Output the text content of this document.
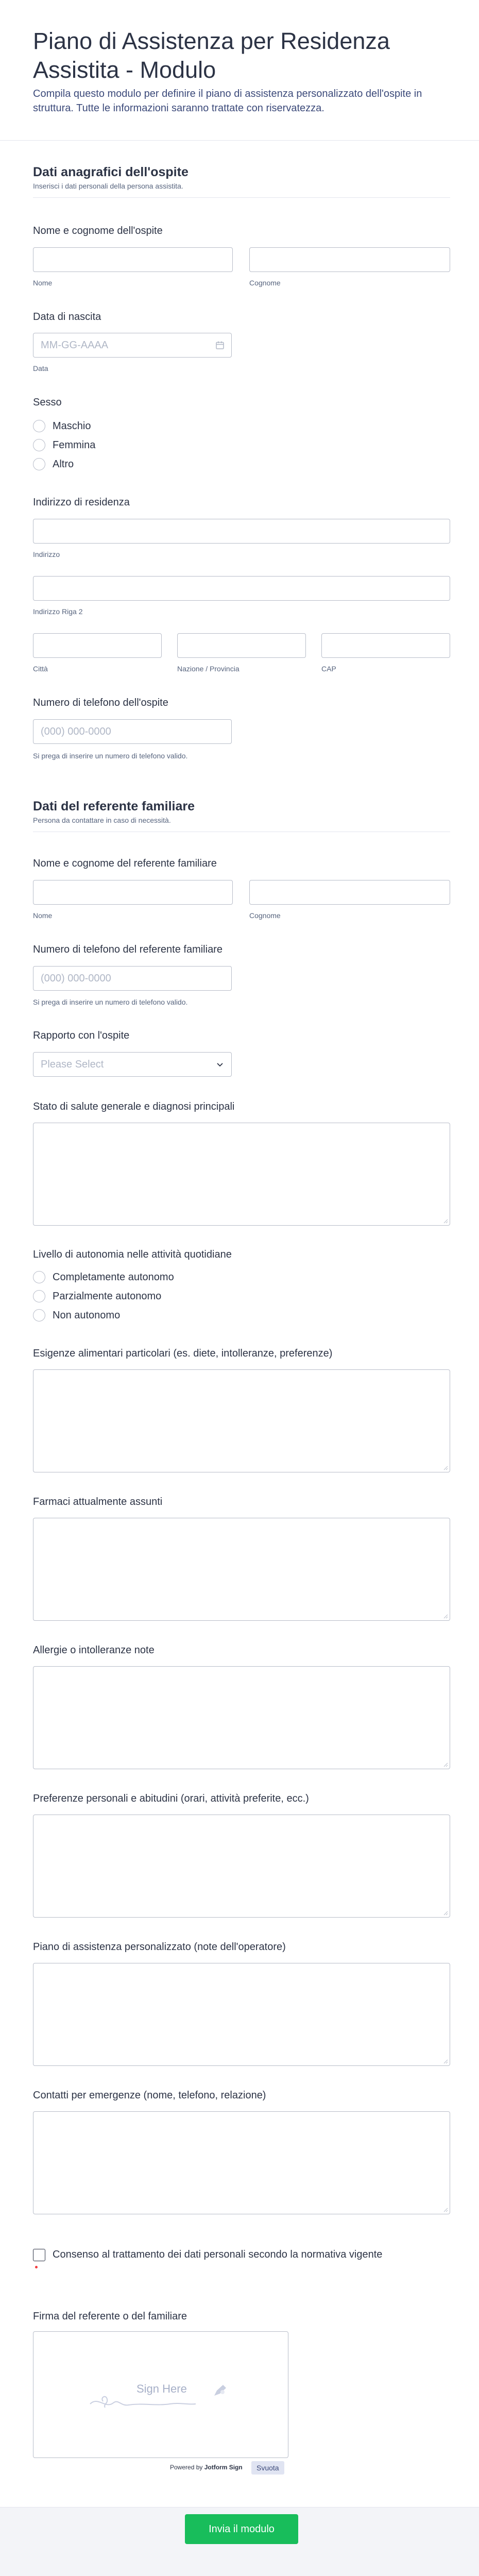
Piano di Assistenza per Residenza Assistita - Modulo
Compila questo modulo per definire il piano di assistenza personalizzato dell'ospite in struttura. Tutte le informazioni saranno trattate con riservatezza.
Dati anagrafici dell'ospite
Inserisci i dati personali della persona assistita.
Nome e cognome dell'ospite
Nome	Cognome
Data di nascita
MM-GG-AAAA
Data
Sesso
Maschio
Femmina
Altro
Indirizzo di residenza
Indirizzo
Indirizzo Riga 2
Città	Nazione / Provincia	CAP
Numero di telefono dell'ospite
(000) 000-0000
Si prega di inserire un numero di telefono valido.
Dati del referente familiare
Persona da contattare in caso di necessità.
Nome e cognome del referente familiare
Nome	Cognome
Numero di telefono del referente familiare
(000) 000-0000
Si prega di inserire un numero di telefono valido.
Rapporto con l'ospite
Please Select
Stato di salute generale e diagnosi principali
Livello di autonomia nelle attività quotidiane
Completamente autonomo
Parzialmente autonomo
Non autonomo
Esigenze alimentari particolari (es. diete, intolleranze, preferenze)
Farmaci attualmente assunti
Allergie o intolleranze note
Preferenze personali e abitudini (orari, attività preferite, ecc.)
Piano di assistenza personalizzato (note dell'operatore)
Contatti per emergenze (nome, telefono, relazione)
Consenso al trattamento dei dati personali secondo la normativa vigente
Firma del referente o del familiare
Sign Here
Powered by Jotform Sign	Svuota
Invia il modulo
